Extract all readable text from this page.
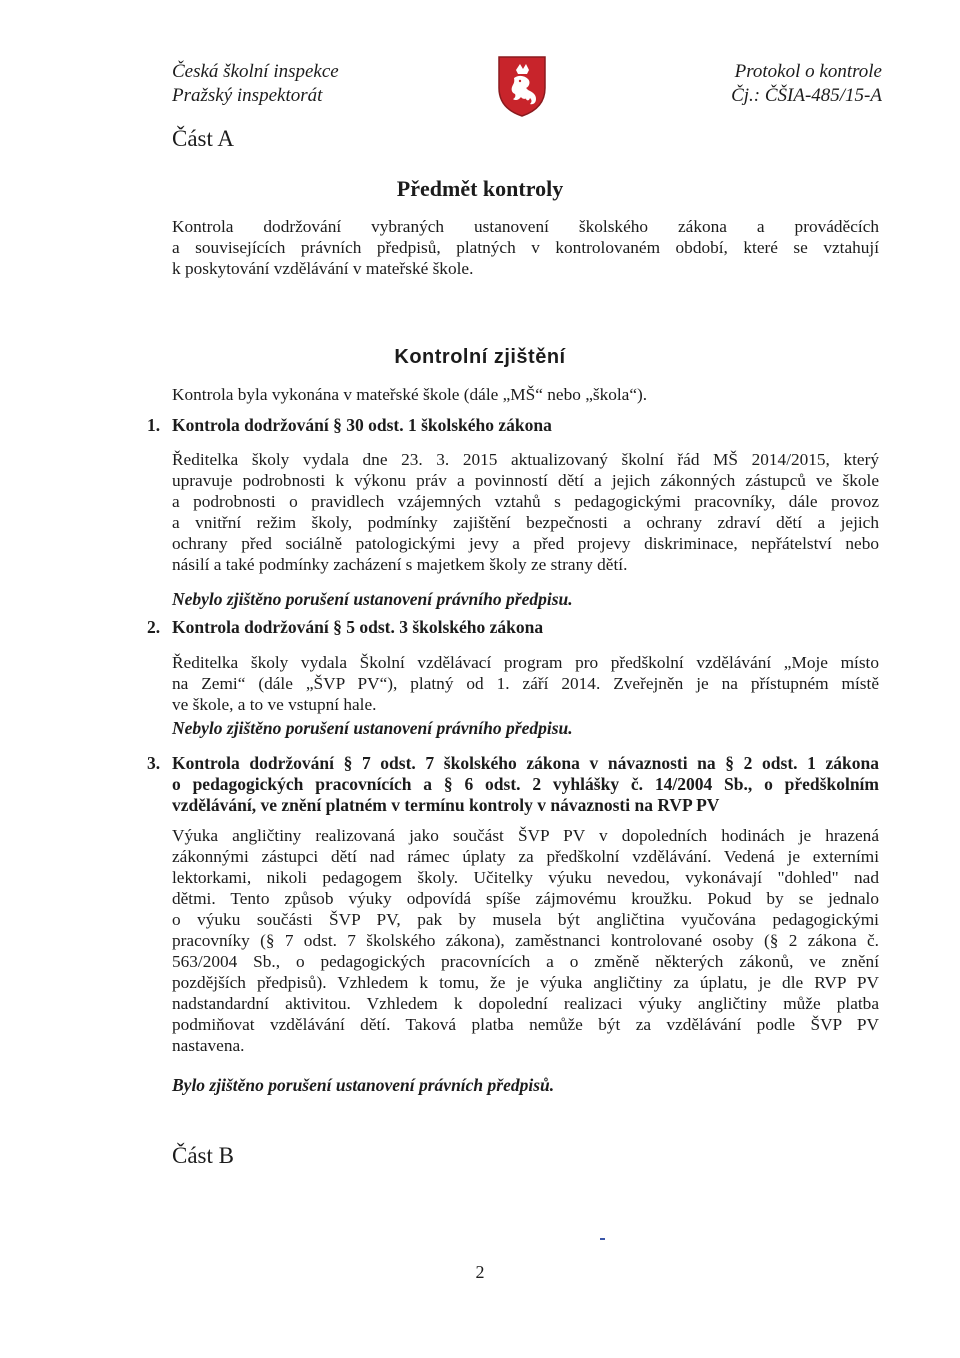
Česká školní inspekce
Pražský inspektorát
Protokol o kontrole
Čj.: ČŠIA-485/15-A
Část A
Předmět kontroly
Kontrola dodržování vybraných ustanovení školského zákona a prováděcích
a souvisejících právních předpisů, platných v kontrolovaném období, které se vztahují
k poskytování vzdělávání v mateřské škole.
Kontrolní zjištění
Kontrola byla vykonána v mateřské škole (dále „MŠ“ nebo „škola“).
1. Kontrola dodržování § 30 odst. 1 školského zákona
Ředitelka školy vydala dne 23. 3. 2015 aktualizovaný školní řád MŠ 2014/2015, který
upravuje podrobnosti k výkonu práv a povinností dětí a jejich zákonných zástupců ve škole
a podrobnosti o pravidlech vzájemných vztahů s pedagogickými pracovníky, dále provoz
a vnitřní režim školy, podmínky zajištění bezpečnosti a ochrany zdraví dětí a jejich
ochrany před sociálně patologickými jevy a před projevy diskriminace, nepřátelství nebo
násilí a také podmínky zacházení s majetkem školy ze strany dětí.
Nebylo zjištěno porušení ustanovení právního předpisu.
2. Kontrola dodržování § 5 odst. 3 školského zákona
Ředitelka školy vydala Školní vzdělávací program pro předškolní vzdělávání „Moje místo
na Zemi“ (dále „ŠVP PV“), platný od 1. září 2014. Zveřejněn je na přístupném místě
ve škole, a to ve vstupní hale.
Nebylo zjištěno porušení ustanovení právního předpisu.
3. Kontrola dodržování § 7 odst. 7 školského zákona v návaznosti na § 2 odst. 1 zákona
o pedagogických pracovnících a § 6 odst. 2 vyhlášky č. 14/2004 Sb., o předškolním
vzdělávání, ve znění platném v termínu kontroly v návaznosti na RVP PV
Výuka angličtiny realizovaná jako součást ŠVP PV v dopoledních hodinách je hrazená
zákonnými zástupci dětí nad rámec úplaty za předškolní vzdělávání. Vedená je externími
lektorkami, nikoli pedagogem školy. Učitelky výuku nevedou, vykonávají "dohled" nad
dětmi. Tento způsob výuky odpovídá spíše zájmovému kroužku. Pokud by se jednalo
o výuku součásti ŠVP PV, pak by musela být angličtina vyučována pedagogickými
pracovníky (§ 7 odst. 7 školského zákona), zaměstnanci kontrolované osoby (§ 2 zákona č.
563/2004 Sb., o pedagogických pracovnících a o změně některých zákonů, ve znění
pozdějších předpisů). Vzhledem k tomu, že je výuka angličtiny za úplatu, je dle RVP PV
nadstandardní aktivitou. Vzhledem k dopolední realizaci výuky angličtiny může platba
podmiňovat vzdělávání dětí. Taková platba nemůže být za vzdělávání podle ŠVP PV
nastavena.
Bylo zjištěno porušení ustanovení právních předpisů.
Část B
2
